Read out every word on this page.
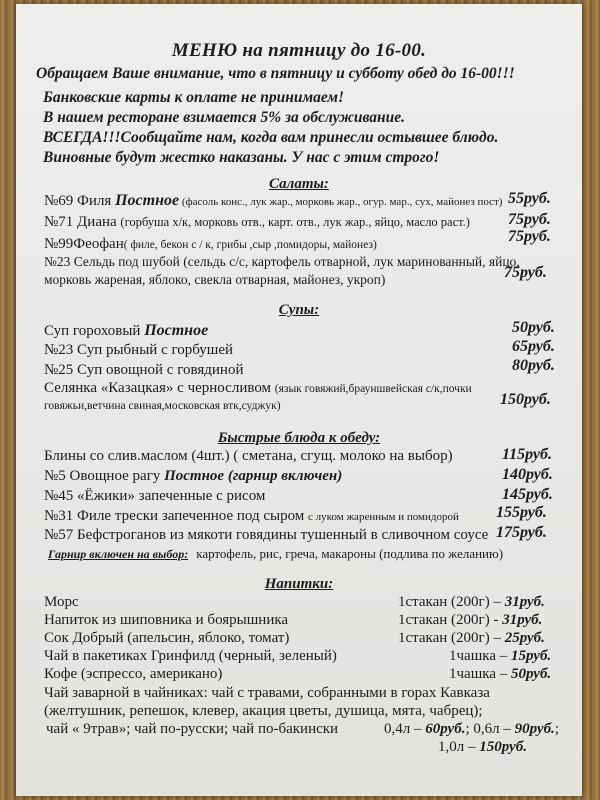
МЕНЮ на пятницу до 16-00.
Обращаем Ваше внимание, что в пятницу и субботу обед до 16-00!!!
Банковские карты к оплате не принимаем!
В нашем ресторане взимается 5% за обслуживание.
ВСЕГДА!!!Сообщайте нам, когда вам принесли остывшее блюдо.
Виновные будут жестко наказаны. У нас с этим строго!
Салаты:
№69 Филя Постное (фасоль конс., лук жар., морковь жар., огур. мар., сух, майонез пост) 55руб.
№71 Диана (горбуша х/к, морковь отв., карт. отв., лук жар., яйцо, масло раст.) 75руб.
№99Феофан( филе, бекон с / к, грибы ,сыр ,помидоры, майонез)	75руб.
№23 Сельдь под шубой (сельдь с/с, картофель отварной, лук маринованный, яйцо,
морковь жареная, яблоко, свекла отварная, майонез, укроп)	75руб.
Супы:
Суп гороховый Постное	50руб.
№23 Суп рыбный с горбушей	65руб.
№25 Суп овощной с говядиной	80руб.
Селянка «Казацкая» с черносливом (язык говяжий,брауншвейская с/к,почки
говяжьи,ветчина свиная,московская втк,суджук)	150руб.
Быстрые блюда к обеду:
Блины со слив.маслом (4шт.) ( сметана, сгущ. молоко на выбор)	115руб.
№5 Овощное рагу Постное (гарнир включен)	140руб.
№45 «Ёжики» запеченные с рисом	145руб.
№31 Филе трески запеченное под сыром с луком жаренным и помидорой 155руб.
№57 Бефстроганов из мякоти говядины тушенный в сливочном соусе 175руб.
Гарнир включен на выбор: картофель, рис, греча, макароны (подлива по желанию)
Напитки:
Морс	1стакан (200г) – 31руб.
Напиток из шиповника и боярышника	1стакан (200г) - 31руб.
Сок Добрый (апельсин, яблоко, томат)	1стакан (200г) – 25руб.
Чай в пакетиках Гринфилд (черный, зеленый)	1чашка – 15руб.
Кофе (эспрессо, американо)	1чашка – 50руб.
Чай заварной в чайниках: чай с травами, собранными в горах Кавказа
(желтушник, репешок, клевер, акация цветы, душица, мята, чабрец);
чай « 9трав»; чай по-русски; чай по-бакински	0,4л – 60руб.; 0,6л – 90руб.;
1,0л – 150руб.
